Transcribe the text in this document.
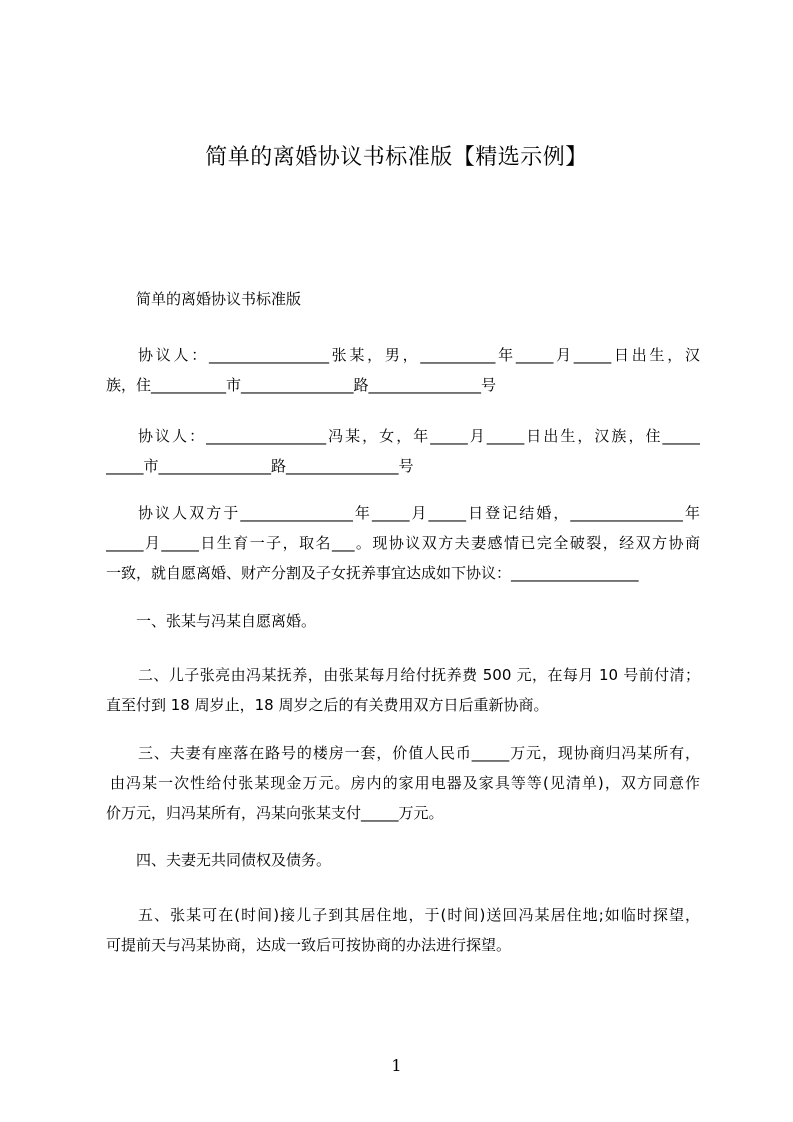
简单的离婚协议书标准版【精选示例】
简单的离婚协议书标准版
协议人：________________张某，男，__________年_____月_____日出生，汉
族，住__________市_______________路_______________号
协议人：________________冯某，女，年_____月_____日出生，汉族，住_____
_____市_______________路_______________号
协议人双方于_______________年_____月_____日登记结婚，_______________年
_____月_____日生育一子，取名___。现协议双方夫妻感情已完全破裂，经双方协商
一致，就自愿离婚、财产分割及子女抚养事宜达成如下协议：_________________
一、张某与冯某自愿离婚。
二、儿子张亮由冯某抚养，由张某每月给付抚养费 500 元，在每月 10 号前付清；
直至付到 18 周岁止，18 周岁之后的有关费用双方日后重新协商。
三、夫妻有座落在路号的楼房一套，价值人民币_____万元，现协商归冯某所有，
由冯某一次性给付张某现金万元。房内的家用电器及家具等等(见清单)，双方同意作
价万元，归冯某所有，冯某向张某支付_____万元。
四、夫妻无共同债权及债务。
五、张某可在(时间)接儿子到其居住地，于(时间)送回冯某居住地;如临时探望，
可提前天与冯某协商，达成一致后可按协商的办法进行探望。
1
